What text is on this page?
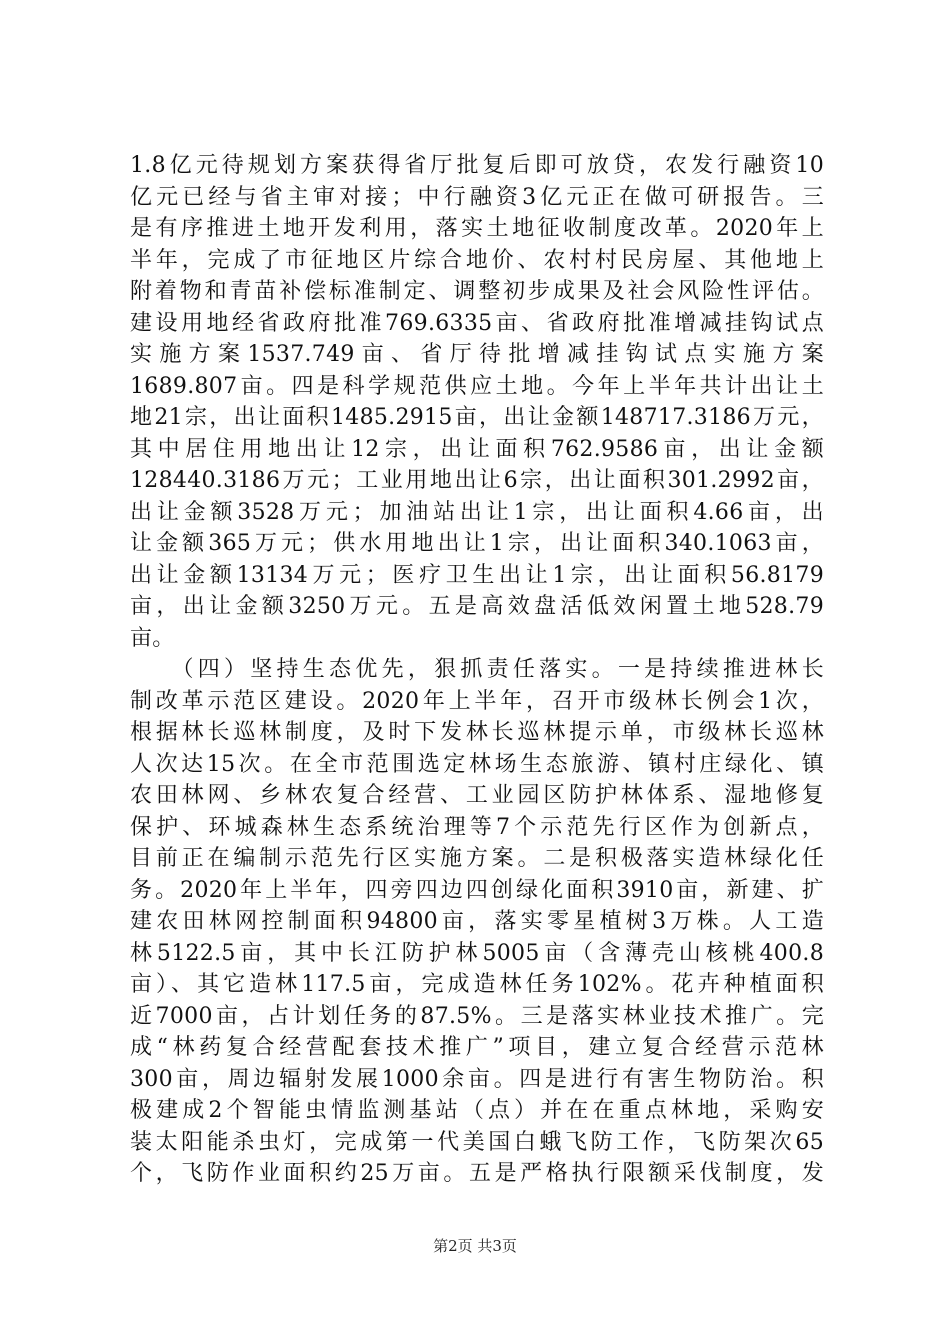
1.8亿元待规划方案获得省厅批复后即可放贷，农发行融资10
亿元已经与省主审对接；中行融资3亿元正在做可研报告。三
是有序推进土地开发利用，落实土地征收制度改革。2020年上
半年，完成了市征地区片综合地价、农村村民房屋、其他地上
附着物和青苗补偿标准制定、调整初步成果及社会风险性评估。
建设用地经省政府批准769.6335亩、省政府批准增减挂钩试点
实施方案1537.749亩、省厅待批增减挂钩试点实施方案
1689.807亩。四是科学规范供应土地。今年上半年共计出让土
地21宗，出让面积1485.2915亩，出让金额148717.3186万元，
其中居住用地出让12宗，出让面积762.9586亩，出让金额
128440.3186万元；工业用地出让6宗，出让面积301.2992亩，
出让金额3528万元；加油站出让1宗，出让面积4.66亩，出
让金额365万元；供水用地出让1宗，出让面积340.1063亩，
出让金额13134万元；医疗卫生出让1宗，出让面积56.8179
亩，出让金额3250万元。五是高效盘活低效闲置土地528.79
亩。
　　（四）坚持生态优先，狠抓责任落实。一是持续推进林长
制改革示范区建设。2020年上半年，召开市级林长例会1次，
根据林长巡林制度，及时下发林长巡林提示单，市级林长巡林
人次达15次。在全市范围选定林场生态旅游、镇村庄绿化、镇
农田林网、乡林农复合经营、工业园区防护林体系、湿地修复
保护、环城森林生态系统治理等7个示范先行区作为创新点，
目前正在编制示范先行区实施方案。二是积极落实造林绿化任
务。2020年上半年，四旁四边四创绿化面积3910亩，新建、扩
建农田林网控制面积94800亩，落实零星植树3万株。人工造
林5122.5亩，其中长江防护林5005亩（含薄壳山核桃400.8
亩）、其它造林117.5亩，完成造林任务102%。花卉种植面积
近7000亩，占计划任务的87.5%。三是落实林业技术推广。完
成“林药复合经营配套技术推广”项目，建立复合经营示范林
300亩，周边辐射发展1000余亩。四是进行有害生物防治。积
极建成2个智能虫情监测基站（点）并在在重点林地，采购安
装太阳能杀虫灯，完成第一代美国白蛾飞防工作，飞防架次65
个，飞防作业面积约25万亩。五是严格执行限额采伐制度，发
第2页 共3页
